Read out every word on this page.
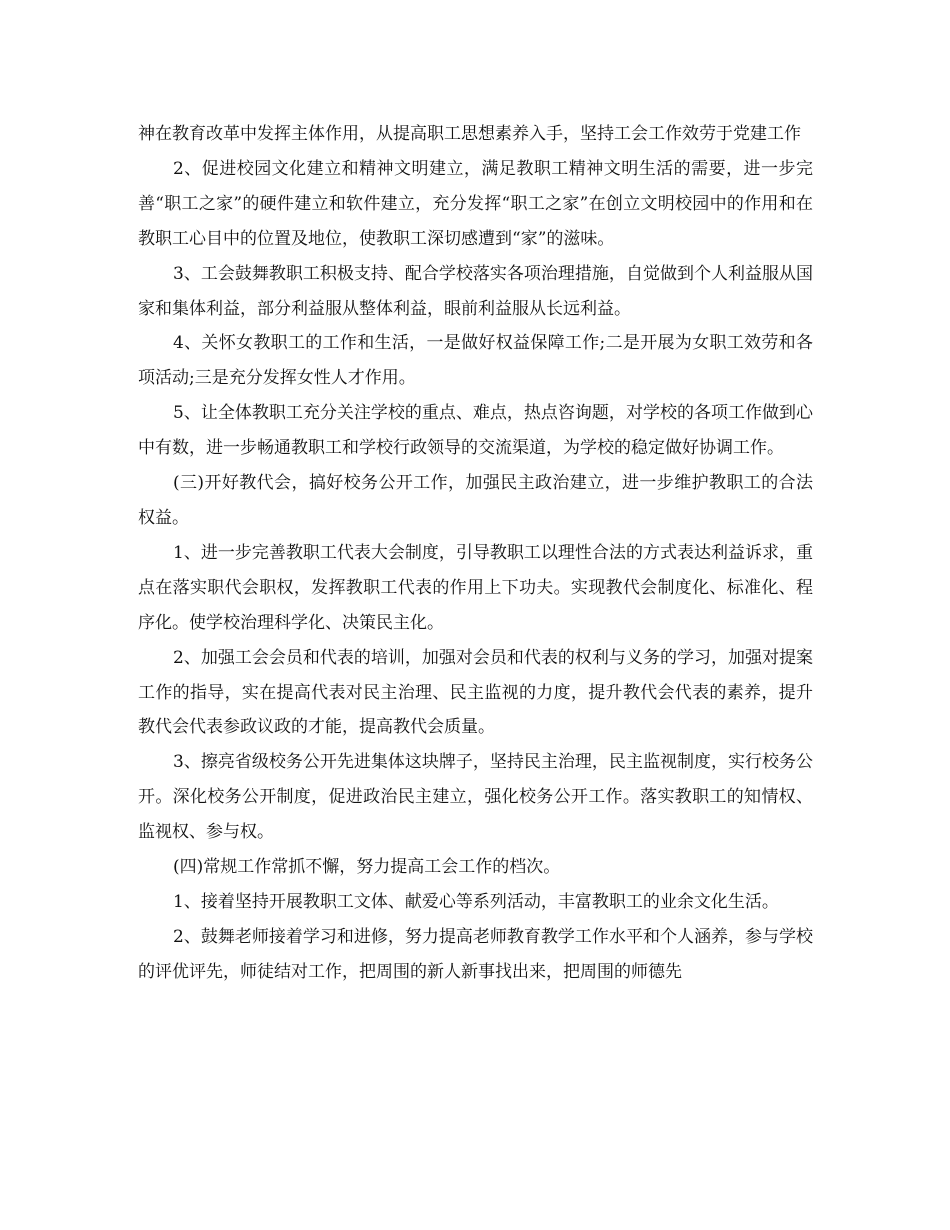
神在教育改革中发挥主体作用，从提高职工思想素养入手，坚持工会工作效劳于党建工作

2、促进校园文化建立和精神文明建立，满足教职工精神文明生活的需要，进一步完善“职工之家”的硬件建立和软件建立，充分发挥“职工之家”在创立文明校园中的作用和在教职工心目中的位置及地位，使教职工深切感遭到“家”的滋味。

3、工会鼓舞教职工积极支持、配合学校落实各项治理措施，自觉做到个人利益服从国家和集体利益，部分利益服从整体利益，眼前利益服从长远利益。

4、关怀女教职工的工作和生活，一是做好权益保障工作;二是开展为女职工效劳和各项活动;三是充分发挥女性人才作用。

5、让全体教职工充分关注学校的重点、难点，热点咨询题，对学校的各项工作做到心中有数，进一步畅通教职工和学校行政领导的交流渠道，为学校的稳定做好协调工作。

(三)开好教代会，搞好校务公开工作，加强民主政治建立，进一步维护教职工的合法权益。

1、进一步完善教职工代表大会制度，引导教职工以理性合法的方式表达利益诉求，重点在落实职代会职权，发挥教职工代表的作用上下功夫。实现教代会制度化、标准化、程序化。使学校治理科学化、决策民主化。

2、加强工会会员和代表的培训，加强对会员和代表的权利与义务的学习，加强对提案工作的指导，实在提高代表对民主治理、民主监视的力度，提升教代会代表的素养，提升教代会代表参政议政的才能，提高教代会质量。

3、擦亮省级校务公开先进集体这块牌子，坚持民主治理，民主监视制度，实行校务公开。深化校务公开制度，促进政治民主建立，强化校务公开工作。落实教职工的知情权、监视权、参与权。

(四)常规工作常抓不懈，努力提高工会工作的档次。

1、接着坚持开展教职工文体、献爱心等系列活动，丰富教职工的业余文化生活。

2、鼓舞老师接着学习和进修，努力提高老师教育教学工作水平和个人涵养，参与学校的评优评先，师徒结对工作，把周围的新人新事找出来，把周围的师德先
